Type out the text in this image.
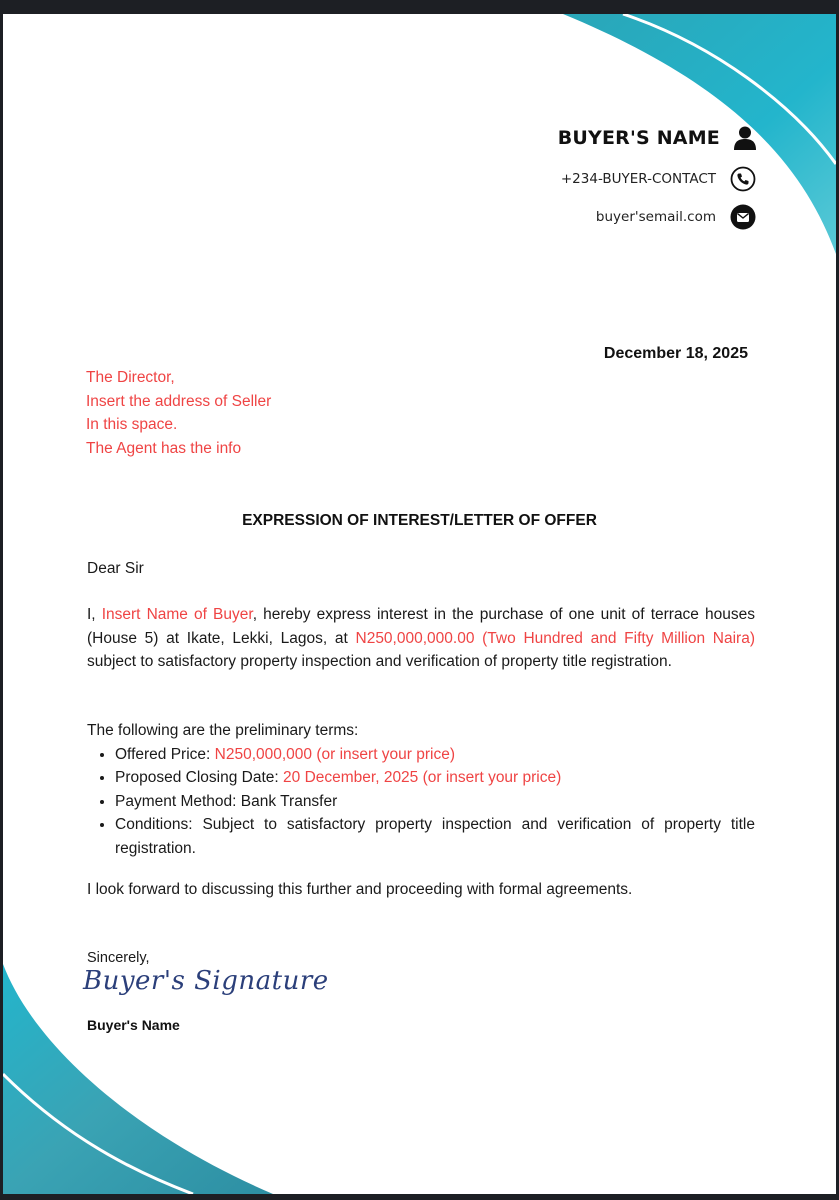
BUYER'S NAME
+234-BUYER-CONTACT
buyer'semail.com
December 18, 2025
The Director,
Insert the address of Seller
In this space.
The Agent has the info
EXPRESSION OF INTEREST/LETTER OF OFFER
Dear Sir
I, Insert Name of Buyer, hereby express interest in the purchase of one unit of terrace houses (House 5) at Ikate, Lekki, Lagos, at N250,000,000.00 (Two Hundred and Fifty Million Naira) subject to satisfactory property inspection and verification of property title registration.
The following are the preliminary terms:
• Offered Price: N250,000,000 (or insert your price)
• Proposed Closing Date: 20 December, 2025 (or insert your price)
• Payment Method: Bank Transfer
• Conditions: Subject to satisfactory property inspection and verification of property title registration.
I look forward to discussing this further and proceeding with formal agreements.
Sincerely,
Buyer's Signature
Buyer's Name
